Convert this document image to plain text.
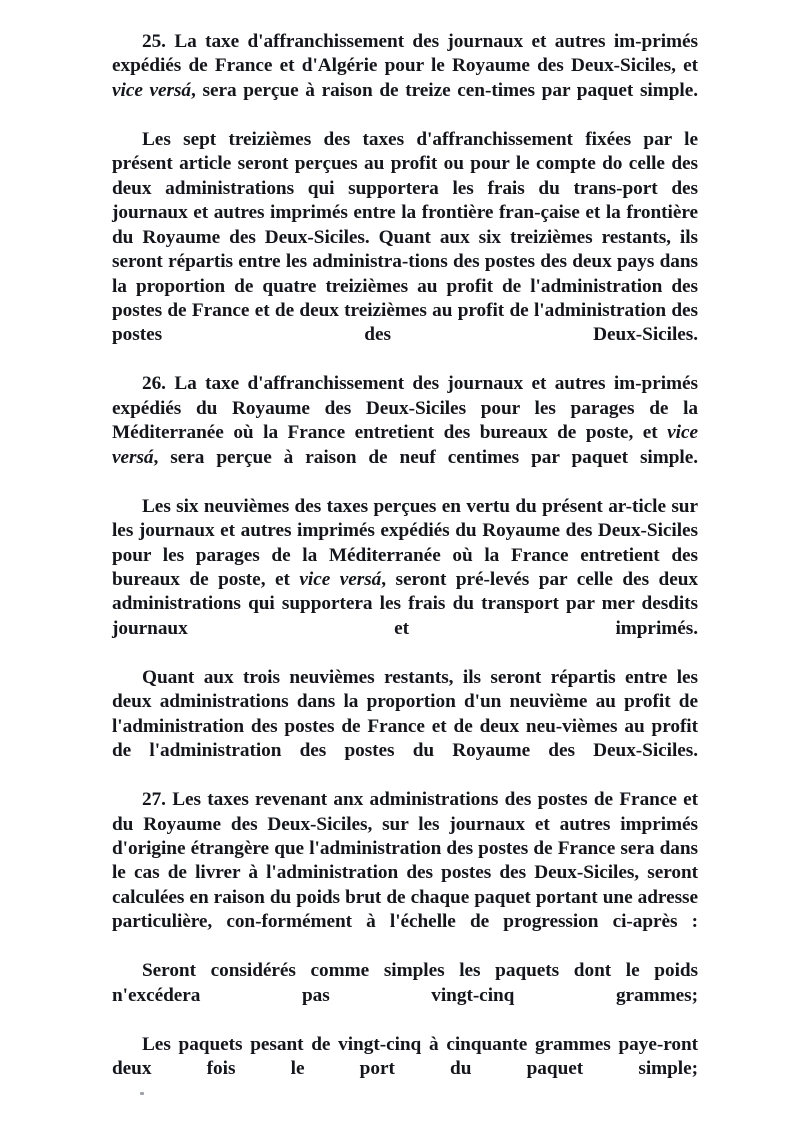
25. La taxe d'affranchissement des journaux et autres im-primés expédiés de France et d'Algérie pour le Royaume des Deux-Siciles, et vice versá, sera perçue à raison de treize cen-times par paquet simple.

Les sept treizièmes des taxes d'affranchissement fixées par le présent article seront perçues au profit ou pour le compte do celle des deux administrations qui supportera les frais du trans-port des journaux et autres imprimés entre la frontière fran-çaise et la frontière du Royaume des Deux-Siciles. Quant aux six treizièmes restants, ils seront répartis entre les administra-tions des postes des deux pays dans la proportion de quatre treizièmes au profit de l'administration des postes de France et de deux treizièmes au profit de l'administration des postes des Deux-Siciles.

26. La taxe d'affranchissement des journaux et autres im-primés expédiés du Royaume des Deux-Siciles pour les parages de la Méditerranée où la France entretient des bureaux de poste, et vice versá, sera perçue à raison de neuf centimes par paquet simple.

Les six neuvièmes des taxes perçues en vertu du présent ar-ticle sur les journaux et autres imprimés expédiés du Royaume des Deux-Siciles pour les parages de la Méditerranée où la France entretient des bureaux de poste, et vice versá, seront pré-levés par celle des deux administrations qui supportera les frais du transport par mer desdits journaux et imprimés.

Quant aux trois neuvièmes restants, ils seront répartis entre les deux administrations dans la proportion d'un neuvième au profit de l'administration des postes de France et de deux neu-vièmes au profit de l'administration des postes du Royaume des Deux-Siciles.

27. Les taxes revenant anx administrations des postes de France et du Royaume des Deux-Siciles, sur les journaux et autres imprimés d'origine étrangère que l'administration des postes de France sera dans le cas de livrer à l'administration des postes des Deux-Siciles, seront calculées en raison du poids brut de chaque paquet portant une adresse particulière, con-formément à l'échelle de progression ci-après :

Seront considérés comme simples les paquets dont le poids n'excédera pas vingt-cinq grammes;

Les paquets pesant de vingt-cinq à cinquante grammes paye-ront deux fois le port du paquet simple;
